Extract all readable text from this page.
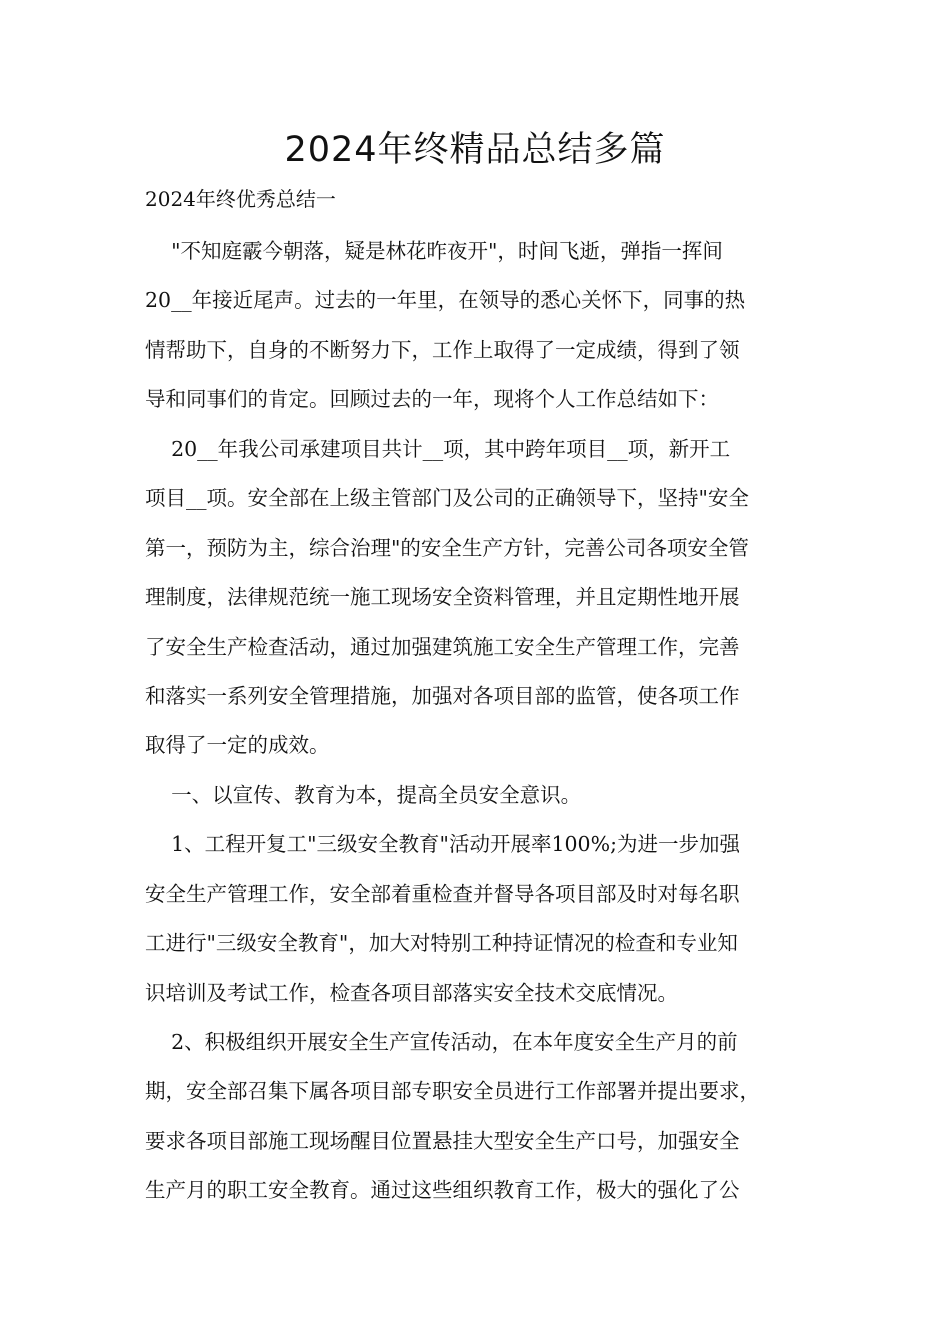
2024年终精品总结多篇

2024年终优秀总结一

"不知庭霰今朝落，疑是林花昨夜开"，时间飞逝，弹指一挥间
20__年接近尾声。过去的一年里，在领导的悉心关怀下，同事的热
情帮助下，自身的不断努力下，工作上取得了一定成绩，得到了领
导和同事们的肯定。回顾过去的一年，现将个人工作总结如下：
20__年我公司承建项目共计__项，其中跨年项目__项，新开工
项目__项。安全部在上级主管部门及公司的正确领导下，坚持"安全
第一，预防为主，综合治理"的安全生产方针，完善公司各项安全管
理制度，法律规范统一施工现场安全资料管理，并且定期性地开展
了安全生产检查活动，通过加强建筑施工安全生产管理工作，完善
和落实一系列安全管理措施，加强对各项目部的监管，使各项工作
取得了一定的成效。
一、以宣传、教育为本，提高全员安全意识。
1、工程开复工"三级安全教育"活动开展率100%;为进一步加强
安全生产管理工作，安全部着重检查并督导各项目部及时对每名职
工进行"三级安全教育"，加大对特别工种持证情况的检查和专业知
识培训及考试工作，检查各项目部落实安全技术交底情况。
2、积极组织开展安全生产宣传活动，在本年度安全生产月的前
期，安全部召集下属各项目部专职安全员进行工作部署并提出要求，
要求各项目部施工现场醒目位置悬挂大型安全生产口号，加强安全
生产月的职工安全教育。通过这些组织教育工作，极大的强化了公
